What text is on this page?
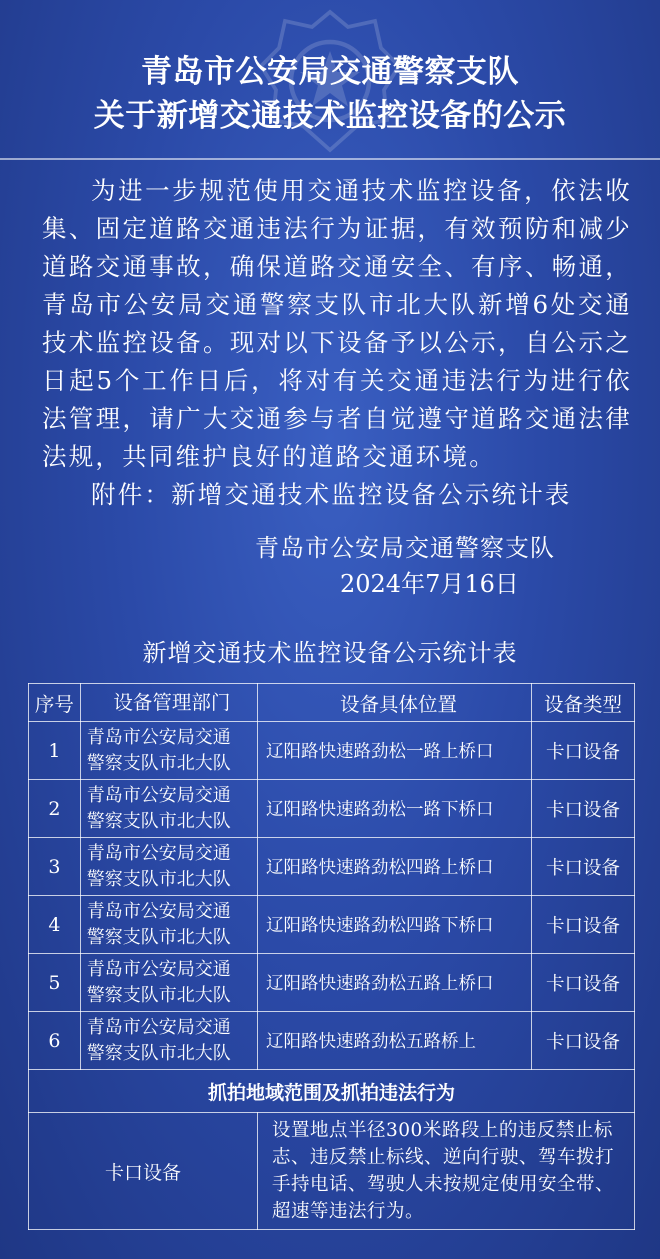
青岛市公安局交通警察支队
关于新增交通技术监控设备的公示

为进一步规范使用交通技术监控设备，依法收集、固定道路交通违法行为证据，有效预防和减少道路交通事故，确保道路交通安全、有序、畅通，青岛市公安局交通警察支队市北大队新增6处交通技术监控设备。现对以下设备予以公示，自公示之日起5个工作日后，将对有关交通违法行为进行依法管理，请广大交通参与者自觉遵守道路交通法律法规，共同维护良好的道路交通环境。

附件：新增交通技术监控设备公示统计表

青岛市公安局交通警察支队
2024年7月16日
新增交通技术监控设备公示统计表
序号	设备管理部门	设备具体位置	设备类型
1	青岛市公安局交通
警察支队市北大队	辽阳路快速路劲松一路上桥口	卡口设备
2	青岛市公安局交通
警察支队市北大队	辽阳路快速路劲松一路下桥口	卡口设备
3	青岛市公安局交通
警察支队市北大队	辽阳路快速路劲松四路上桥口	卡口设备
4	青岛市公安局交通
警察支队市北大队	辽阳路快速路劲松四路下桥口	卡口设备
5	青岛市公安局交通
警察支队市北大队	辽阳路快速路劲松五路上桥口	卡口设备
6	青岛市公安局交通
警察支队市北大队	辽阳路快速路劲松五路桥上	卡口设备
抓拍地域范围及抓拍违法行为			
卡口设备		设置地点半径300米路段上的违反禁止标志、违反禁止标线、逆向行驶、驾车拨打手持电话、驾驶人未按规定使用安全带、超速等违法行为。	
